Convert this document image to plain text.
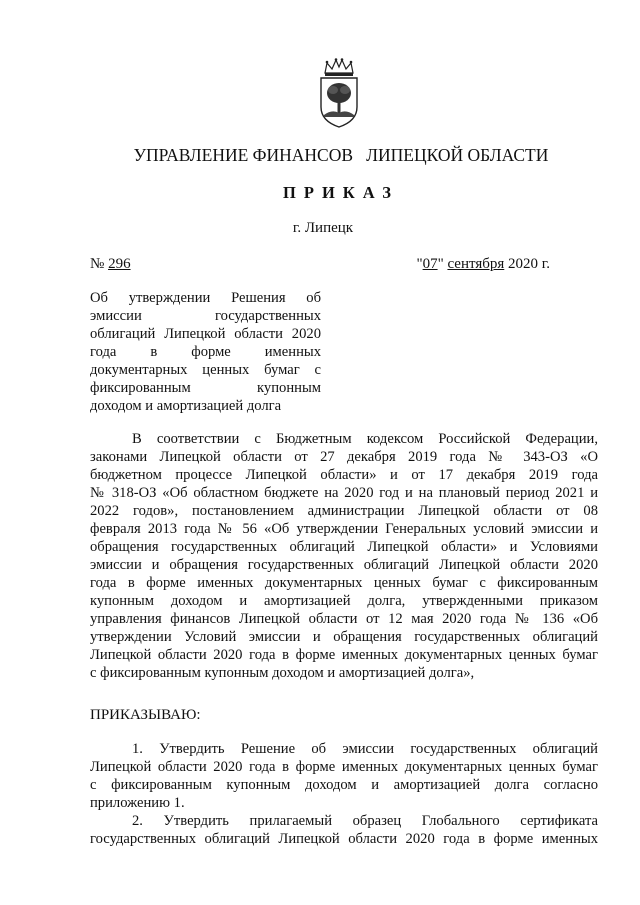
УПРАВЛЕНИЕ ФИНАНСОВ   ЛИПЕЦКОЙ ОБЛАСТИ
ПРИКАЗ
г. Липецк
№ 296	"07" сентября 2020 г.
Об утверждении Решения об
эмиссии государственных
облигаций Липецкой области 2020
года в форме именных
документарных ценных бумаг с
фиксированным купонным
доходом и амортизацией долга
В соответствии с Бюджетным кодексом Российской Федерации,
законами Липецкой области от 27 декабря 2019 года № 343-ОЗ «О
бюджетном процессе Липецкой области» и от 17 декабря 2019 года
№ 318-ОЗ «Об областном бюджете на 2020 год и на плановый период 2021 и
2022 годов», постановлением администрации Липецкой области от 08
февраля 2013 года № 56 «Об утверждении Генеральных условий эмиссии и
обращения государственных облигаций Липецкой области» и Условиями
эмиссии и обращения государственных облигаций Липецкой области 2020
года в форме именных документарных ценных бумаг с фиксированным
купонным доходом и амортизацией долга, утвержденными приказом
управления финансов Липецкой области от 12 мая 2020 года № 136 «Об
утверждении Условий эмиссии и обращения государственных облигаций
Липецкой области 2020 года в форме именных документарных ценных бумаг
с фиксированным купонным доходом и амортизацией долга»,
ПРИКАЗЫВАЮ:
1. Утвердить Решение об эмиссии государственных облигаций
Липецкой области 2020 года в форме именных документарных ценных бумаг
с фиксированным купонным доходом и амортизацией долга согласно
приложению 1.
2. Утвердить прилагаемый образец Глобального сертификата
государственных облигаций Липецкой области 2020 года в форме именных
